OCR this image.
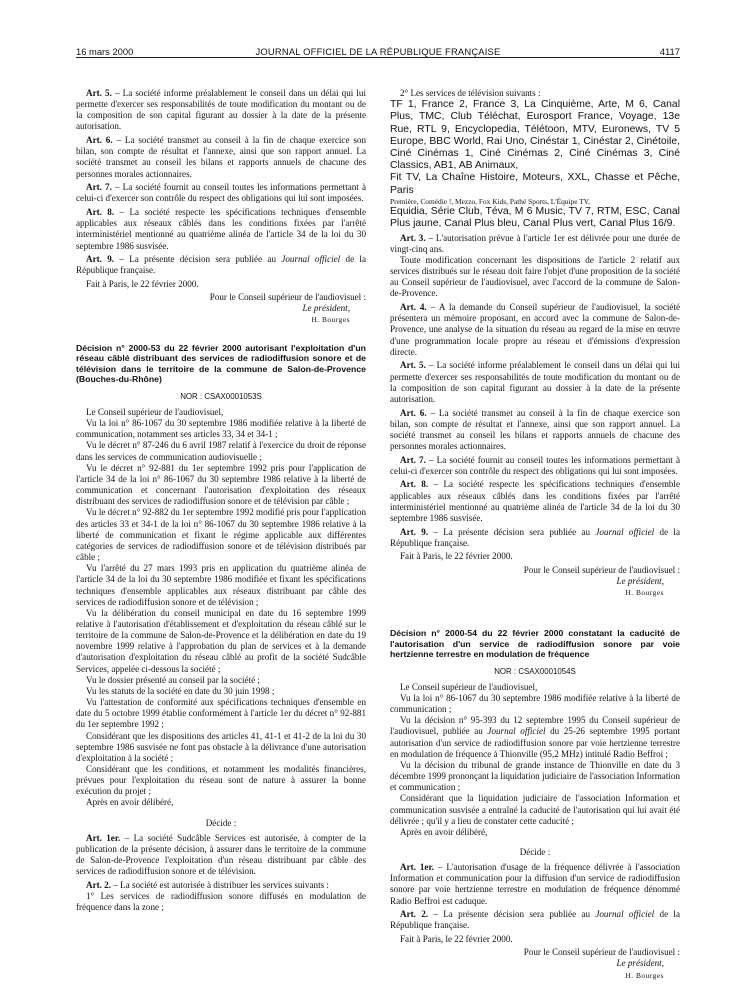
16 mars 2000	JOURNAL OFFICIEL DE LA RÉPUBLIQUE FRANÇAISE	4117

Art. 5. – La société informe préalablement le conseil dans un délai qui lui permette d'exercer ses responsabilités de toute modification du montant ou de la composition de son capital figurant au dossier à la date de la présente autorisation.

Art. 6. – La société transmet au conseil à la fin de chaque exercice son bilan, son compte de résultat et l'annexe, ainsi que son rapport annuel. La société transmet au conseil les bilans et rapports annuels de chacune des personnes morales actionnaires.

Art. 7. – La société fournit au conseil toutes les informations permettant à celui-ci d'exercer son contrôle du respect des obligations qui lui sont imposées.

Art. 8. – La société respecte les spécifications techniques d'ensemble applicables aux réseaux câblés dans les conditions fixées par l'arrêté interministériel mentionné au quatrième alinéa de l'article 34 de la loi du 30 septembre 1986 susvisée.

Art. 9. – La présente décision sera publiée au Journal officiel de la République française.

Fait à Paris, le 22 février 2000.

Pour le Conseil supérieur de l'audiovisuel :

Le président,

H. Bourges

Décision n° 2000-53 du 22 février 2000 autorisant l'exploitation d'un réseau câblé distribuant des services de radiodiffusion sonore et de télévision dans le territoire de la commune de Salon-de-Provence (Bouches-du-Rhône)
NOR : CSAX0001053S

Le Conseil supérieur de l'audiovisuel,

Vu la loi n° 86-1067 du 30 septembre 1986 modifiée relative à la liberté de communication, notamment ses articles 33, 34 et 34-1 ;

Vu le décret n° 87-246 du 6 avril 1987 relatif à l'exercice du droit de réponse dans les services de communication audiovisuelle ;

Vu le décret n° 92-881 du 1er septembre 1992 pris pour l'application de l'article 34 de la loi n° 86-1067 du 30 septembre 1986 relative à la liberté de communication et concernant l'autorisation d'exploitation des réseaux distribuant des services de radiodiffusion sonore et de télévision par câble ;

Vu le décret n° 92-882 du 1er septembre 1992 modifié pris pour l'application des articles 33 et 34-1 de la loi n° 86-1067 du 30 septembre 1986 relative à la liberté de communication et fixant le régime applicable aux différentes catégories de services de radiodiffusion sonore et de télévision distribués par câble ;

Vu l'arrêté du 27 mars 1993 pris en application du quatrième alinéa de l'article 34 de la loi du 30 septembre 1986 modifiée et fixant les spécifications techniques d'ensemble applicables aux réseaux distribuant par câble des services de radiodiffusion sonore et de télévision ;

Vu la délibération du conseil municipal en date du 16 septembre 1999 relative à l'autorisation d'établissement et d'exploitation du réseau câblé sur le territoire de la commune de Salon-de-Provence et la délibération en date du 19 novembre 1999 relative à l'approbation du plan de services et à la demande d'autorisation d'exploitation du réseau câblé au profit de la société Sudcâble Services, appelée ci-dessous la société ;

Vu le dossier présenté au conseil par la société ;

Vu les statuts de la société en date du 30 juin 1998 ;

Vu l'attestation de conformité aux spécifications techniques d'ensemble en date du 5 octobre 1999 établie conformément à l'article 1er du décret n° 92-881 du 1er septembre 1992 ;

Considérant que les dispositions des articles 41, 41-1 et 41-2 de la loi du 30 septembre 1986 susvisée ne font pas obstacle à la délivrance d'une autorisation d'exploitation à la société ;

Considérant que les conditions, et notamment les modalités financières, prévues pour l'exploitation du réseau sont de nature à assurer la bonne exécution du projet ;

Après en avoir délibéré,

Décide :

Art. 1er. – La société Sudcâble Services est autorisée, à compter de la publication de la présente décision, à assurer dans le territoire de la commune de Salon-de-Provence l'exploitation d'un réseau distribuant par câble des services de radiodiffusion sonore et de télévision.

Art. 2. – La société est autorisée à distribuer les services suivants :

1° Les services de radiodiffusion sonore diffusés en modulation de fréquence dans la zone ;

2° Les services de télévision suivants :

TF 1, France 2, France 3, La Cinquième, Arte, M 6, Canal Plus, TMC, Club Téléchat, Eurosport France, Voyage, 13e Rue, RTL 9, Encyclopedia, Télétoon, MTV, Euronews, TV 5 Europe, BBC World, Rai Uno, Cinéstar 1, Cinéstar 2, Cinétoile, Ciné Cinémas 1, Ciné Cinémas 2, Ciné Cinémas 3, Ciné Classics, AB1, AB Animaux,

Fit TV, La Chaîne Histoire, Moteurs, XXL, Chasse et Pêche, Paris

Première, Comédie !, Mezzo, Fox Kids, Pathé Sports, L'Équipe TV,

Equidia, Série Club, Téva, M 6 Music, TV 7, RTM, ESC, Canal Plus jaune, Canal Plus bleu, Canal Plus vert, Canal Plus 16/9.

Art. 3. – L'autorisation prévue à l'article 1er est délivrée pour une durée de vingt-cinq ans.

Toute modification concernant les dispositions de l'article 2 relatif aux services distribués sur le réseau doit faire l'objet d'une proposition de la société au Conseil supérieur de l'audiovisuel, avec l'accord de la commune de Salon-de-Provence.

Art. 4. – A la demande du Conseil supérieur de l'audiovisuel, la société présentera un mémoire proposant, en accord avec la commune de Salon-de-Provence, une analyse de la situation du réseau au regard de la mise en œuvre d'une programmation locale propre au réseau et d'émissions d'expression directe.

Art. 5. – La société informe préalablement le conseil dans un délai qui lui permette d'exercer ses responsabilités de toute modification du montant ou de la composition de son capital figurant au dossier à la date de la présente autorisation.

Art. 6. – La société transmet au conseil à la fin de chaque exercice son bilan, son compte de résultat et l'annexe, ainsi que son rapport annuel. La société transmet au conseil les bilans et rapports annuels de chacune des personnes morales actionnaires.

Art. 7. – La société fournit au conseil toutes les informations permettant à celui-ci d'exercer son contrôle du respect des obligations qui lui sont imposées.

Art. 8. – La société respecte les spécifications techniques d'ensemble applicables aux réseaux câblés dans les conditions fixées par l'arrêté interministériel mentionné au quatrième alinéa de l'article 34 de la loi du 30 septembre 1986 susvisée.

Art. 9. – La présente décision sera publiée au Journal officiel de la République française.

Fait à Paris, le 22 février 2000.

Pour le Conseil supérieur de l'audiovisuel :

Le président,

H. Bourges

Décision n° 2000-54 du 22 février 2000 constatant la caducité de l'autorisation d'un service de radiodiffusion sonore par voie hertzienne terrestre en modulation de fréquence
NOR : CSAX0001054S

Le Conseil supérieur de l'audiovisuel,

Vu la loi n° 86-1067 du 30 septembre 1986 modifiée relative à la liberté de communication ;

Vu la décision n° 95-393 du 12 septembre 1995 du Conseil supérieur de l'audiovisuel, publiée au Journal officiel du 25-26 septembre 1995 portant autorisation d'un service de radiodiffusion sonore par voie hertzienne terrestre en modulation de fréquence à Thionville (95,2 MHz) intitulé Radio Beffroi ;

Vu la décision du tribunal de grande instance de Thionville en date du 3 décembre 1999 prononçant la liquidation judiciaire de l'association Information et communication ;

Considérant que la liquidation judiciaire de l'association Information et communication susvisée a entraîné la caducité de l'autorisation qui lui avait été délivrée ; qu'il y a lieu de constater cette caducité ;

Après en avoir délibéré,

Décide :

Art. 1er. – L'autorisation d'usage de la fréquence délivrée à l'association Information et communication pour la diffusion d'un service de radiodiffusion sonore par voie hertzienne terrestre en modulation de fréquence dénommé Radio Beffroi est caduque.

Art. 2. – La présente décision sera publiée au Journal officiel de la République française.

Fait à Paris, le 22 février 2000.

Pour le Conseil supérieur de l'audiovisuel :

Le président,

H. Bourges
